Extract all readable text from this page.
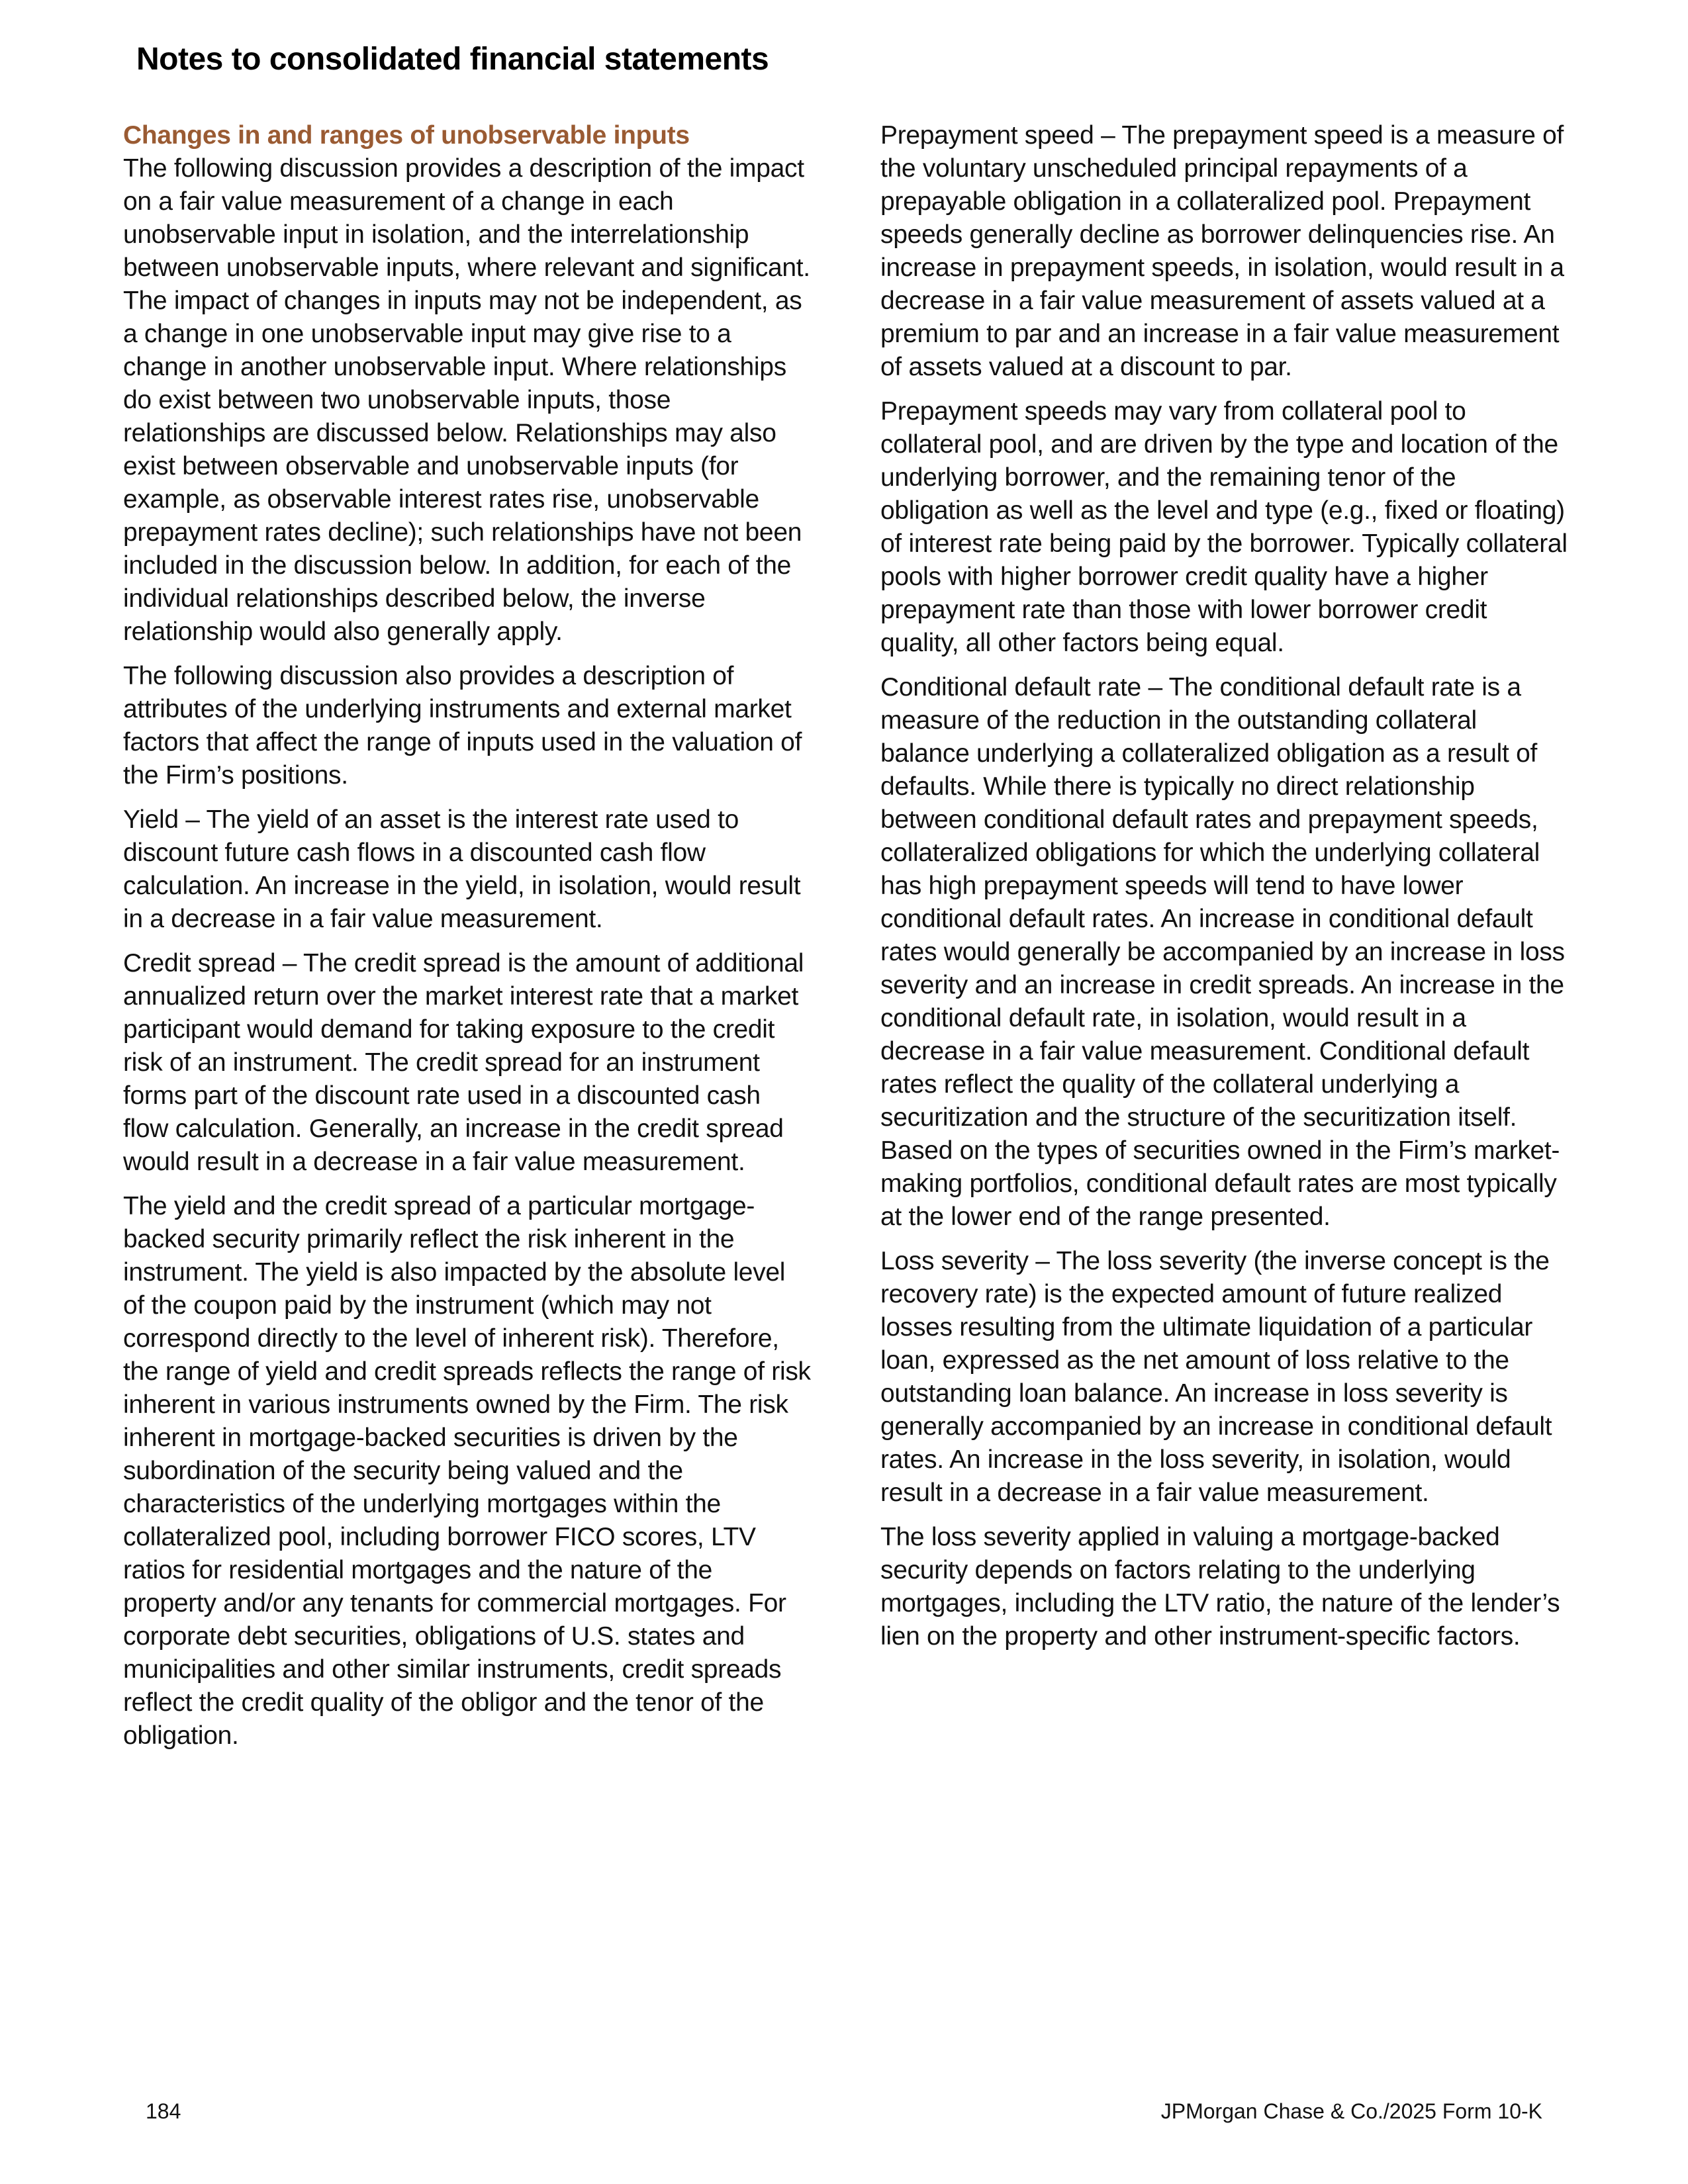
Notes to consolidated financial statements
Changes in and ranges of unobservable inputs

The following discussion provides a description of the impact on a fair value measurement of a change in each unobservable input in isolation, and the interrelationship between unobservable inputs, where relevant and significant. The impact of changes in inputs may not be independent, as a change in one unobservable input may give rise to a change in another unobservable input. Where relationships do exist between two unobservable inputs, those relationships are discussed below. Relationships may also exist between observable and unobservable inputs (for example, as observable interest rates rise, unobservable prepayment rates decline); such relationships have not been included in the discussion below. In addition, for each of the individual relationships described below, the inverse relationship would also generally apply.

The following discussion also provides a description of attributes of the underlying instruments and external market factors that affect the range of inputs used in the valuation of the Firm’s positions.

Yield – The yield of an asset is the interest rate used to discount future cash flows in a discounted cash flow calculation. An increase in the yield, in isolation, would result in a decrease in a fair value measurement.

Credit spread – The credit spread is the amount of additional annualized return over the market interest rate that a market participant would demand for taking exposure to the credit risk of an instrument. The credit spread for an instrument forms part of the discount rate used in a discounted cash flow calculation. Generally, an increase in the credit spread would result in a decrease in a fair value measurement.

The yield and the credit spread of a particular mortgage-backed security primarily reflect the risk inherent in the instrument. The yield is also impacted by the absolute level of the coupon paid by the instrument (which may not correspond directly to the level of inherent risk). Therefore, the range of yield and credit spreads reflects the range of risk inherent in various instruments owned by the Firm. The risk inherent in mortgage-backed securities is driven by the subordination of the security being valued and the characteristics of the underlying mortgages within the collateralized pool, including borrower FICO scores, LTV ratios for residential mortgages and the nature of the property and/or any tenants for commercial mortgages. For corporate debt securities, obligations of U.S. states and municipalities and other similar instruments, credit spreads reflect the credit quality of the obligor and the tenor of the obligation.

Prepayment speed – The prepayment speed is a measure of the voluntary unscheduled principal repayments of a prepayable obligation in a collateralized pool. Prepayment speeds generally decline as borrower delinquencies rise. An increase in prepayment speeds, in isolation, would result in a decrease in a fair value measurement of assets valued at a premium to par and an increase in a fair value measurement of assets valued at a discount to par.

Prepayment speeds may vary from collateral pool to collateral pool, and are driven by the type and location of the underlying borrower, and the remaining tenor of the obligation as well as the level and type (e.g., fixed or floating) of interest rate being paid by the borrower. Typically collateral pools with higher borrower credit quality have a higher prepayment rate than those with lower borrower credit quality, all other factors being equal.

Conditional default rate – The conditional default rate is a measure of the reduction in the outstanding collateral balance underlying a collateralized obligation as a result of defaults. While there is typically no direct relationship between conditional default rates and prepayment speeds, collateralized obligations for which the underlying collateral has high prepayment speeds will tend to have lower conditional default rates. An increase in conditional default rates would generally be accompanied by an increase in loss severity and an increase in credit spreads. An increase in the conditional default rate, in isolation, would result in a decrease in a fair value measurement. Conditional default rates reflect the quality of the collateral underlying a securitization and the structure of the securitization itself. Based on the types of securities owned in the Firm’s market-making portfolios, conditional default rates are most typically at the lower end of the range presented.

Loss severity – The loss severity (the inverse concept is the recovery rate) is the expected amount of future realized losses resulting from the ultimate liquidation of a particular loan, expressed as the net amount of loss relative to the outstanding loan balance. An increase in loss severity is generally accompanied by an increase in conditional default rates. An increase in the loss severity, in isolation, would result in a decrease in a fair value measurement.

The loss severity applied in valuing a mortgage-backed security depends on factors relating to the underlying mortgages, including the LTV ratio, the nature of the lender’s lien on the property and other instrument-specific factors.

184	JPMorgan Chase & Co./2025 Form 10-K
